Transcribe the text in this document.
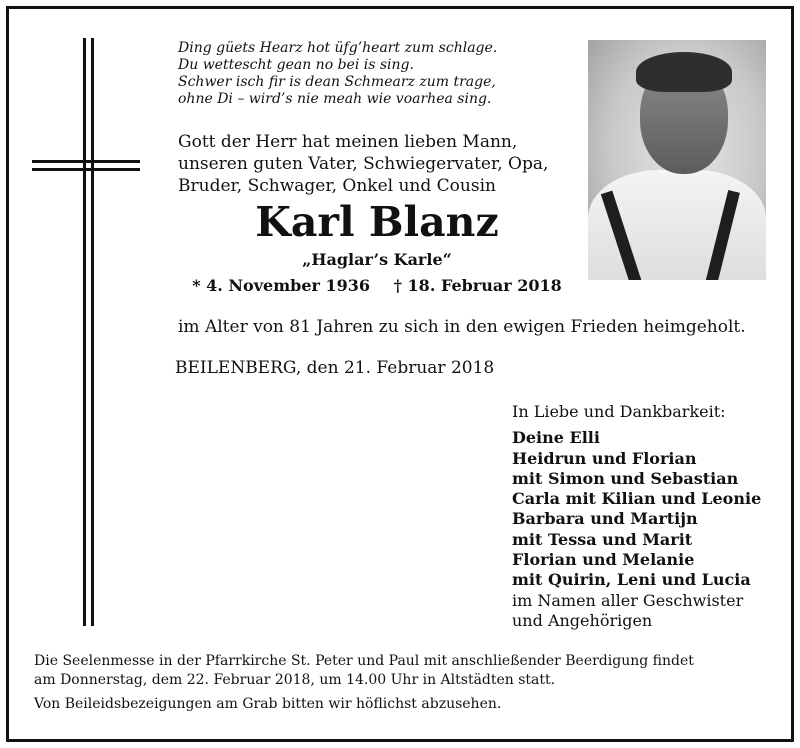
Ding güets Hearz hot üfg’heart zum schlage.
Du wettescht gean no bei is sing.
Schwer isch fir is dean Schmearz zum trage,
ohne Di – wird’s nie meah wie voarhea sing.
Gott der Herr hat meinen lieben Mann,
unseren guten Vater, Schwiegervater, Opa,
Bruder, Schwager, Onkel und Cousin
Karl Blanz
„Haglar’s Karle“
* 4. November 1936 † 18. Februar 2018
im Alter von 81 Jahren zu sich in den ewigen Frieden heimgeholt.
BEILENBERG, den 21. Februar 2018
In Liebe und Dankbarkeit:
Deine Elli
Heidrun und Florian
mit Simon und Sebastian
Carla mit Kilian und Leonie
Barbara und Martijn
mit Tessa und Marit
Florian und Melanie
mit Quirin, Leni und Lucia
im Namen aller Geschwister
und Angehörigen
Die Seelenmesse in der Pfarrkirche St. Peter und Paul mit anschließender Beerdigung findet
am Donnerstag, dem 22. Februar 2018, um 14.00 Uhr in Altstädten statt.
Von Beileidsbezeigungen am Grab bitten wir höflichst abzusehen.
